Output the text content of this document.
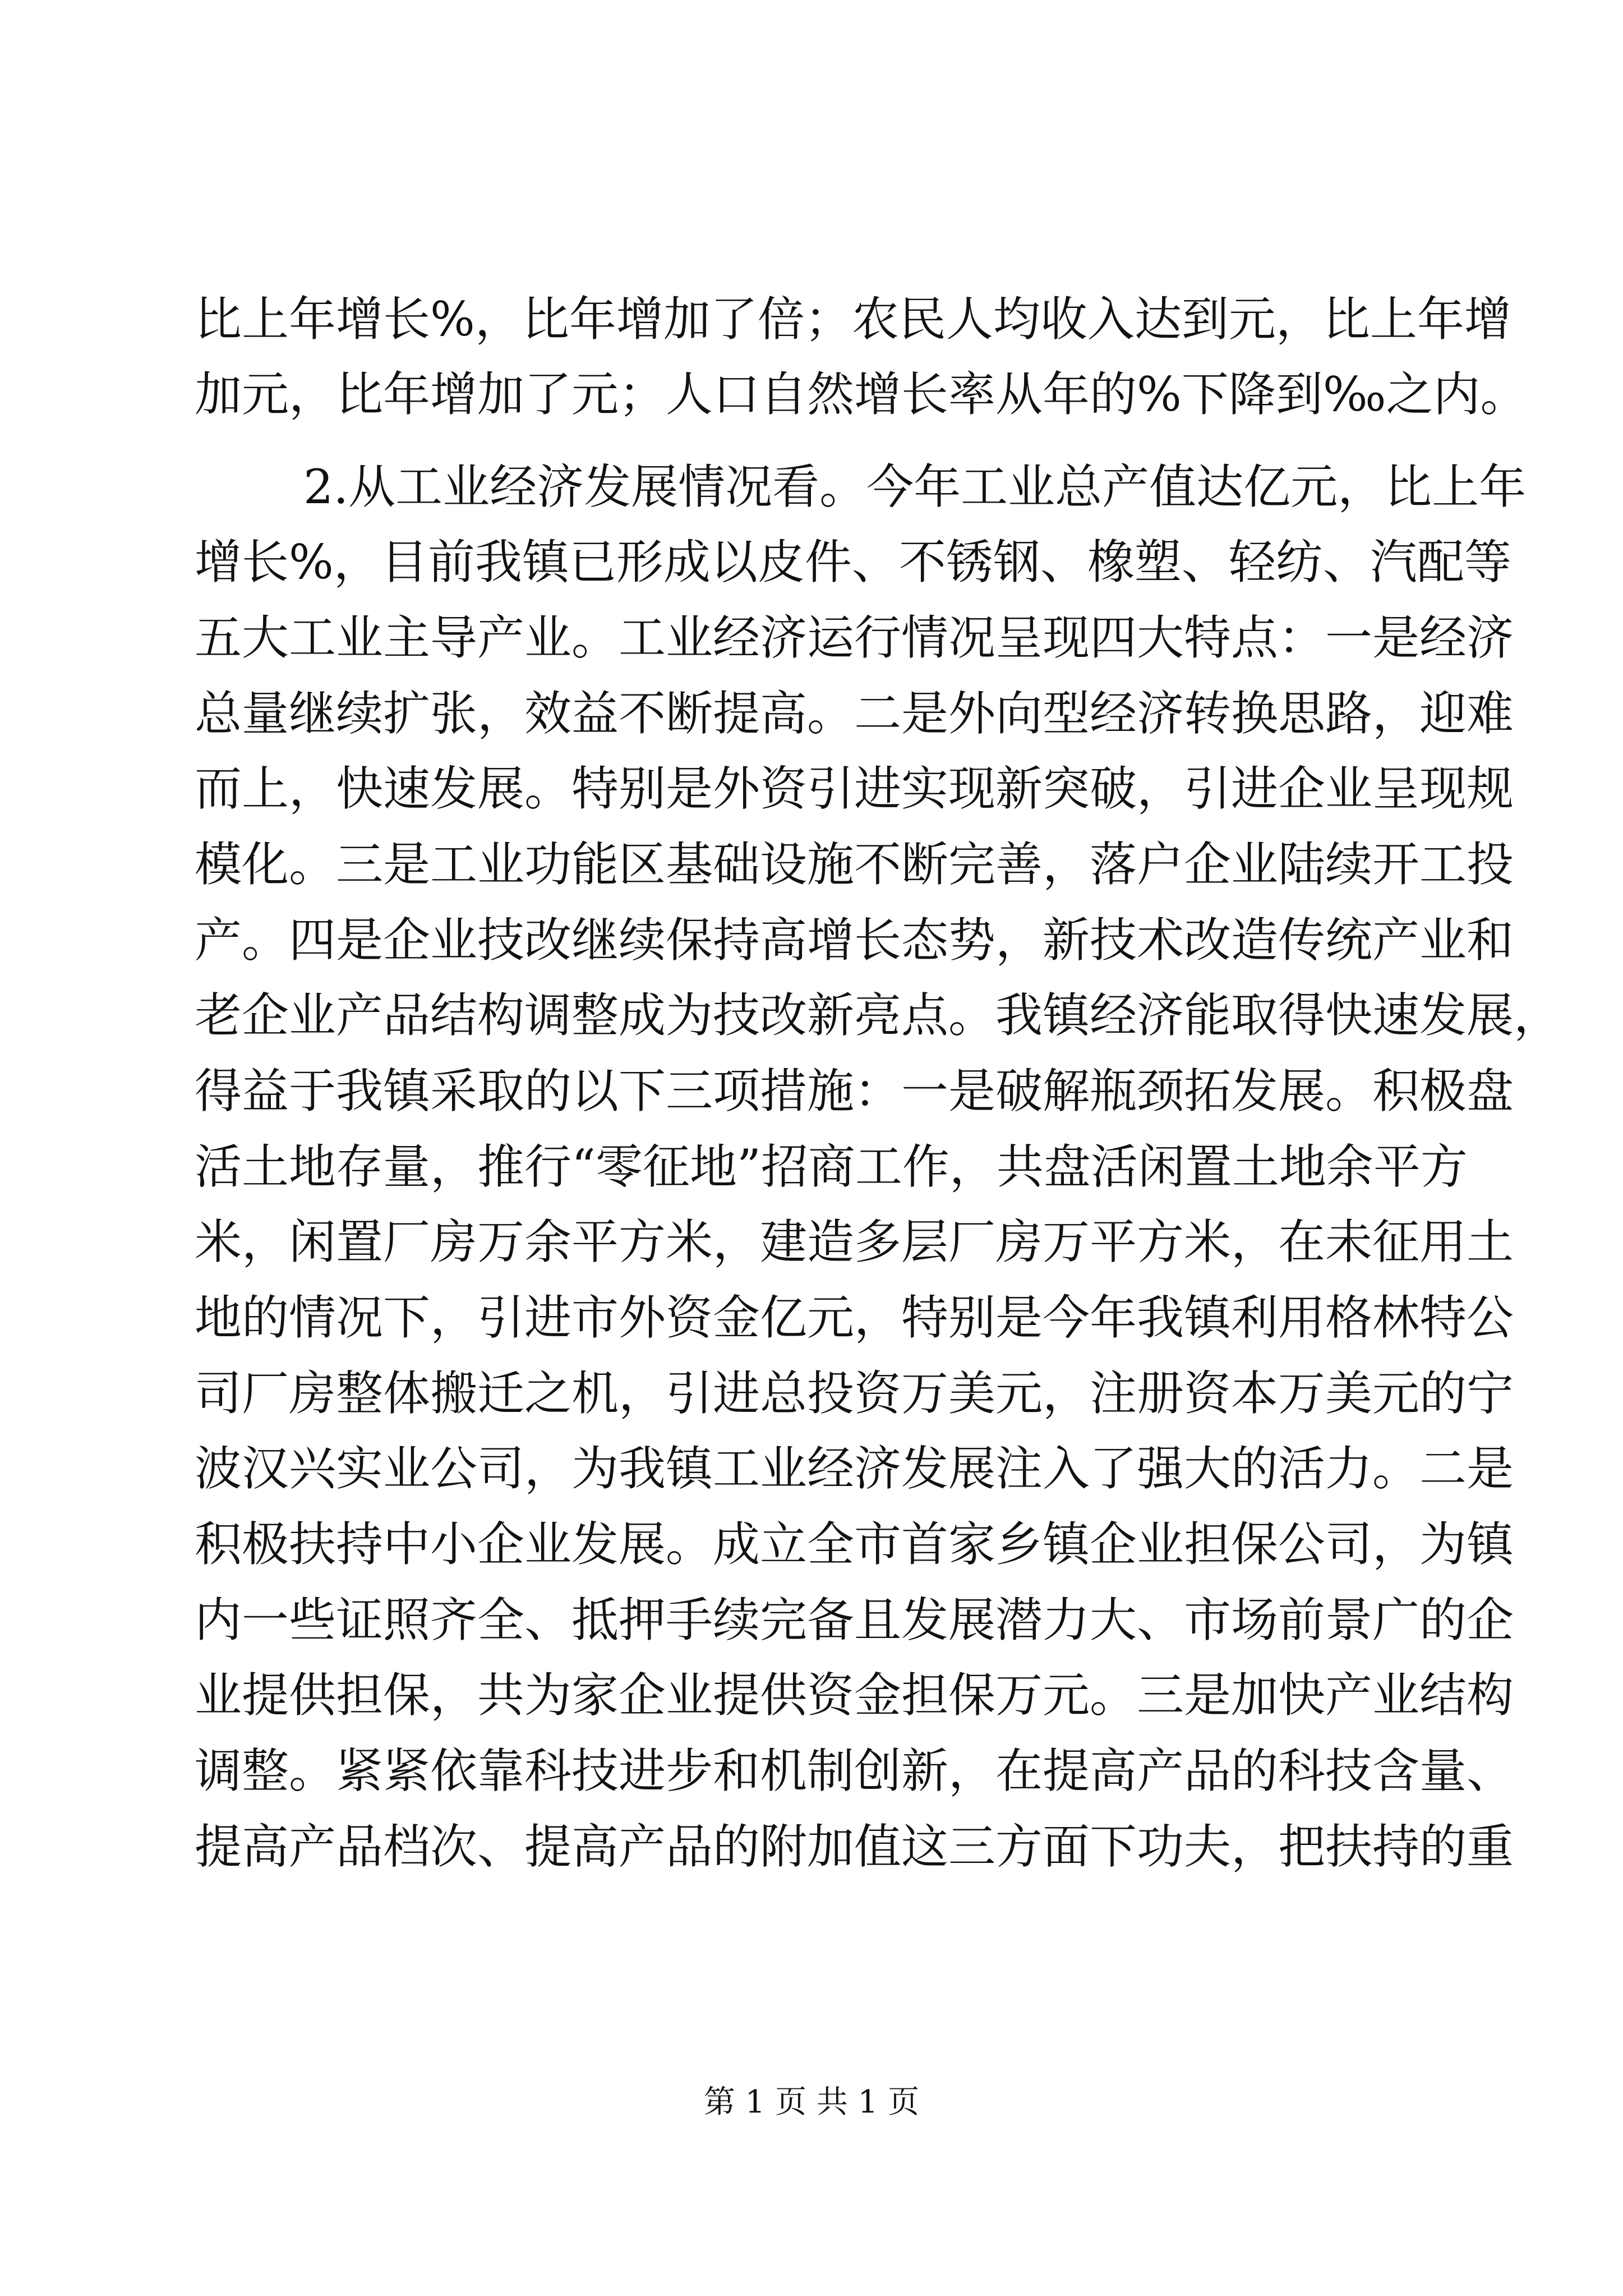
比上年增长%，比年增加了倍；农民人均收入达到元，比上年增
加元，比年增加了元；人口自然增长率从年的%下降到‰之内。
2.从工业经济发展情况看。今年工业总产值达亿元，比上年
增长%，目前我镇已形成以皮件、不锈钢、橡塑、轻纺、汽配等
五大工业主导产业。工业经济运行情况呈现四大特点：一是经济
总量继续扩张，效益不断提高。二是外向型经济转换思路，迎难
而上，快速发展。特别是外资引进实现新突破，引进企业呈现规
模化。三是工业功能区基础设施不断完善，落户企业陆续开工投
产。四是企业技改继续保持高增长态势，新技术改造传统产业和
老企业产品结构调整成为技改新亮点。我镇经济能取得快速发展，
得益于我镇采取的以下三项措施：一是破解瓶颈拓发展。积极盘
活土地存量，推行“零征地”招商工作，共盘活闲置土地余平方
米，闲置厂房万余平方米，建造多层厂房万平方米，在未征用土
地的情况下，引进市外资金亿元，特别是今年我镇利用格林特公
司厂房整体搬迁之机，引进总投资万美元，注册资本万美元的宁
波汉兴实业公司，为我镇工业经济发展注入了强大的活力。二是
积极扶持中小企业发展。成立全市首家乡镇企业担保公司，为镇
内一些证照齐全、抵押手续完备且发展潜力大、市场前景广的企
业提供担保，共为家企业提供资金担保万元。三是加快产业结构
调整。紧紧依靠科技进步和机制创新，在提高产品的科技含量、
提高产品档次、提高产品的附加值这三方面下功夫，把扶持的重
第 1 页 共 1 页
